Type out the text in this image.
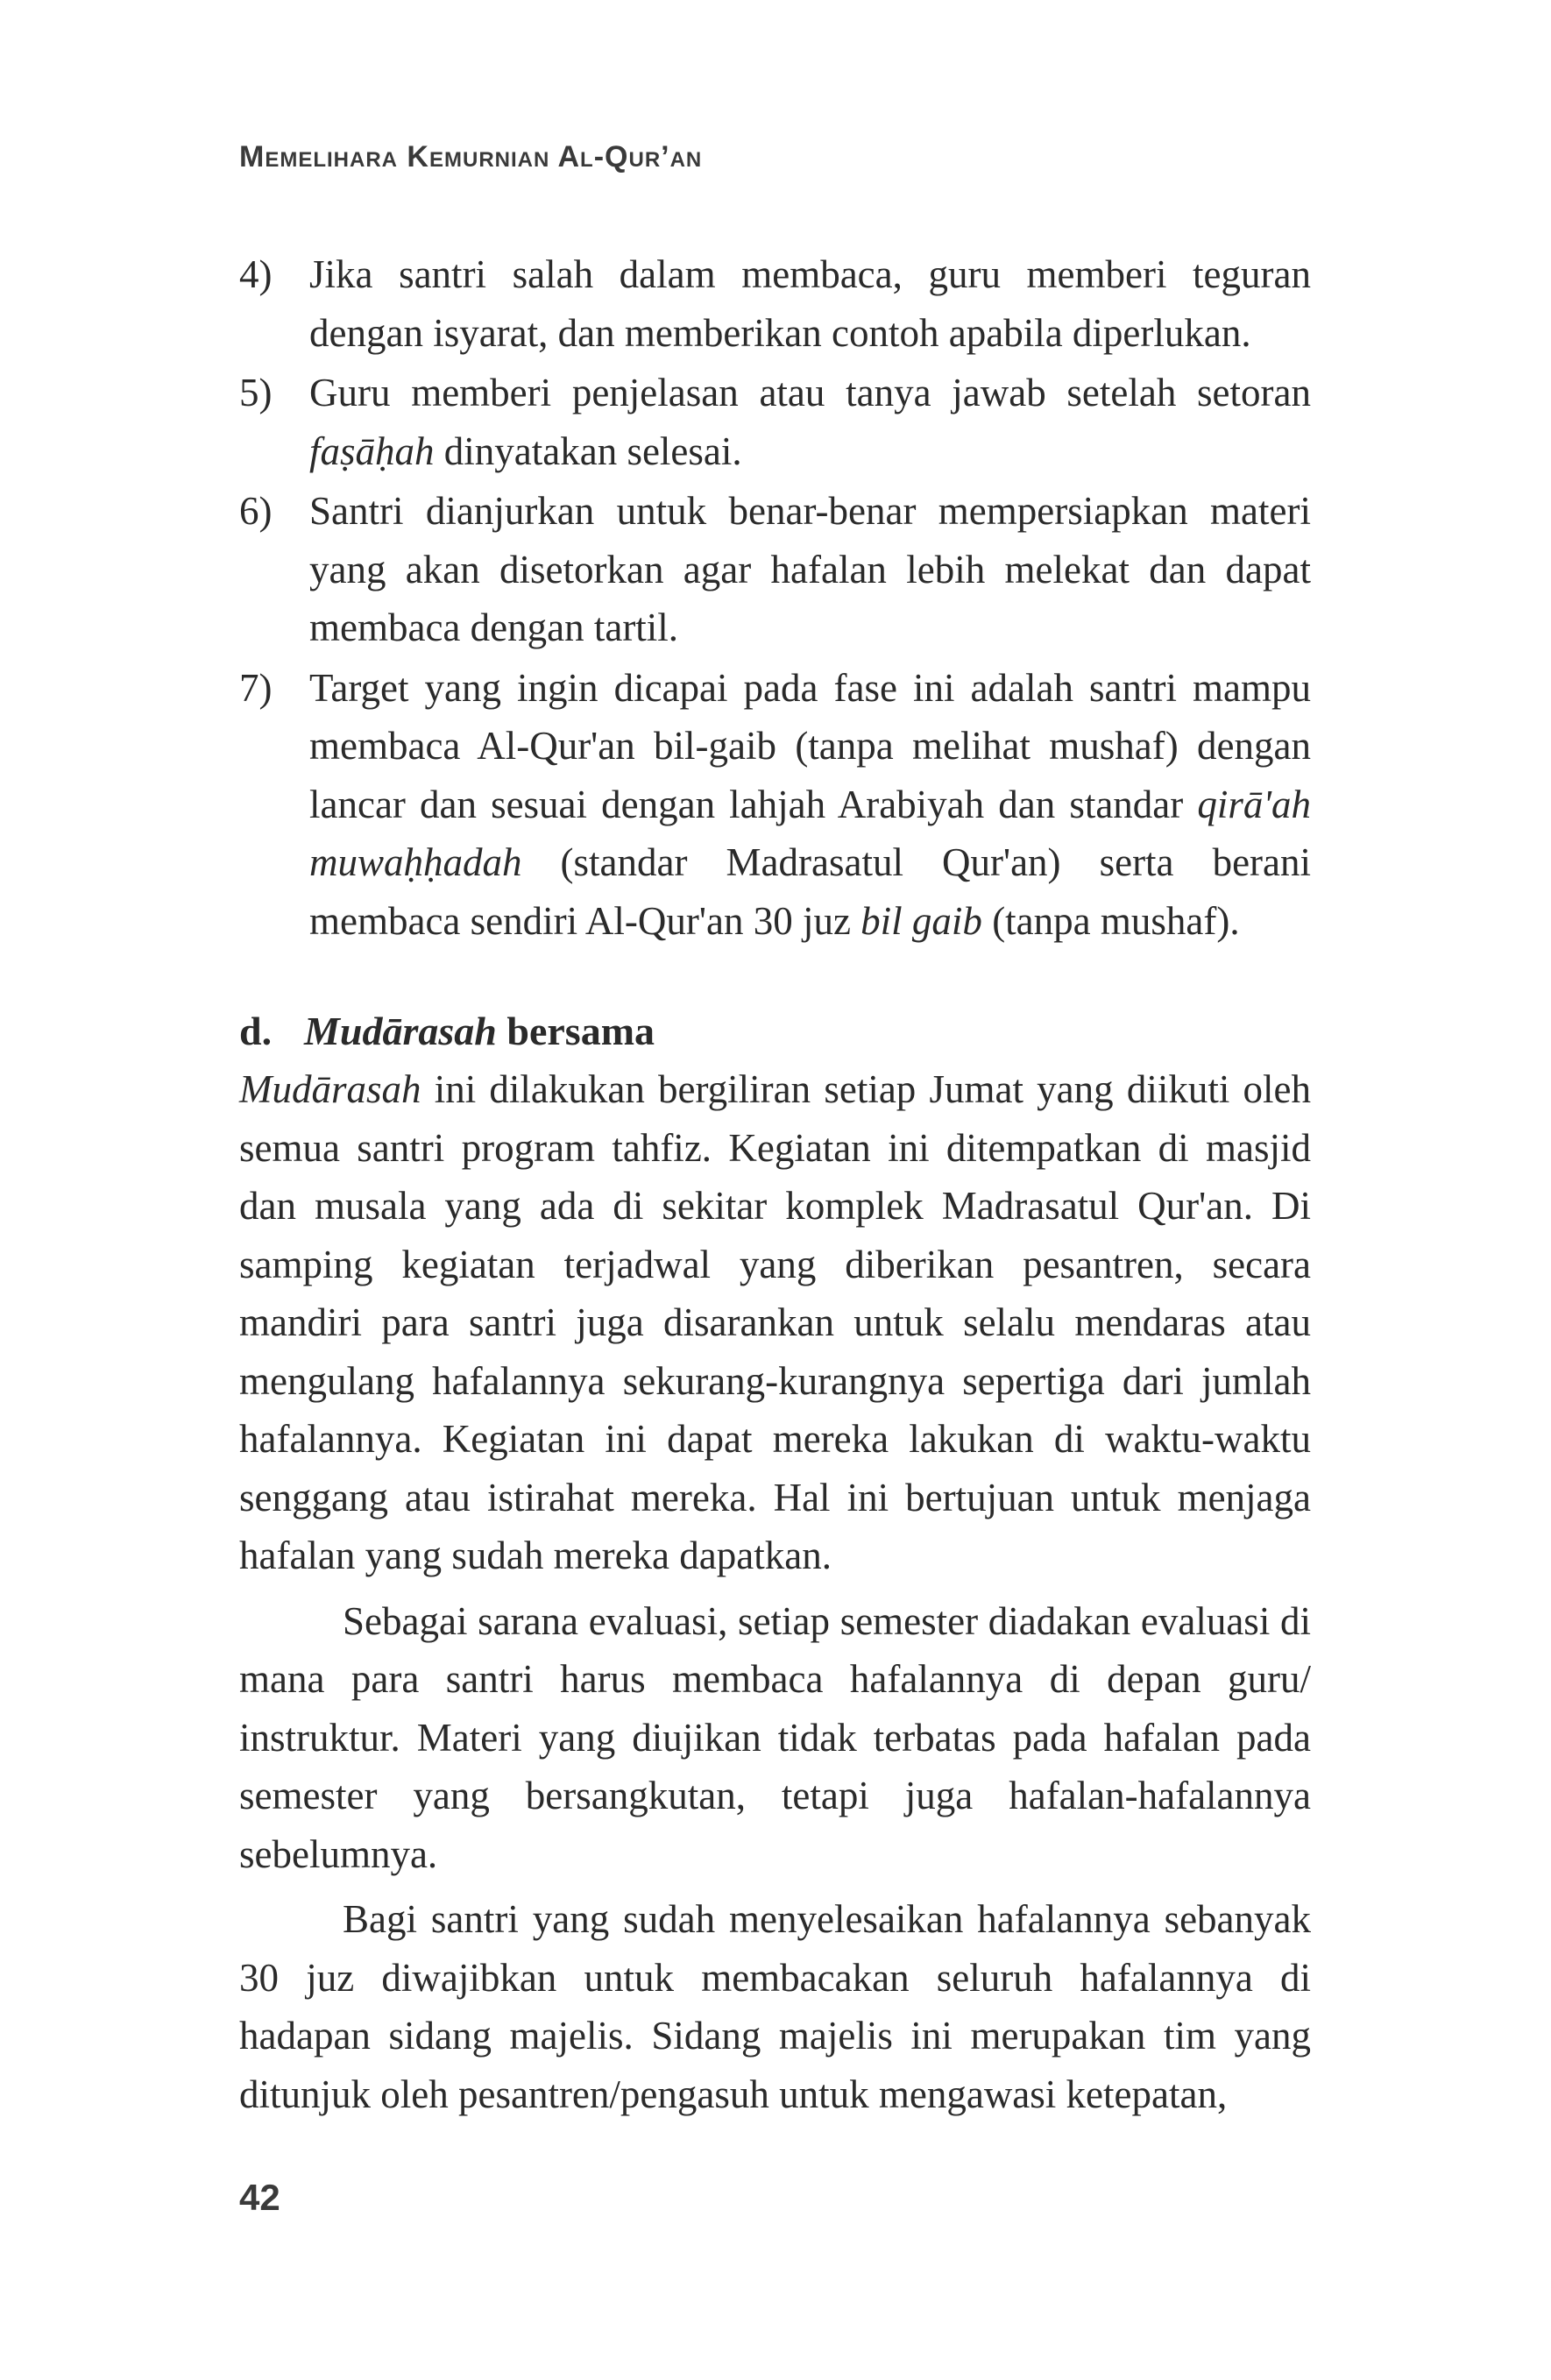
Memelihara Kemurnian Al-Qur’an
4) Jika santri salah dalam membaca, guru memberi teguran dengan isyarat, dan memberikan contoh apabila diperlukan.
5) Guru memberi penjelasan atau tanya jawab setelah setoran faṣāḥah dinyatakan selesai.
6) Santri dianjurkan untuk benar-benar mempersiapkan materi yang akan disetorkan agar hafalan lebih melekat dan dapat membaca dengan tartil.
7) Target yang ingin dicapai pada fase ini adalah santri mampu membaca Al-Qur'an bil-gaib (tanpa melihat mushaf) dengan lancar dan sesuai dengan lahjah Arabiyah dan standar qirā'ah muwaḥḥadah (standar Madrasatul Qur'an) serta berani membaca sendiri Al-Qur'an 30 juz bil gaib (tanpa mushaf).
d. Mudārasah bersama

Mudārasah ini dilakukan bergiliran setiap Jumat yang diikuti oleh semua santri program tahfiz. Kegiatan ini ditempatkan di masjid dan musala yang ada di sekitar komplek Madrasatul Qur'an. Di samping kegiatan terjadwal yang diberikan pesantren, secara mandiri para santri juga disarankan untuk selalu mendaras atau mengulang hafalannya sekurang-kurangnya sepertiga dari jumlah hafalannya. Kegiatan ini dapat mereka lakukan di waktu-waktu senggang atau istirahat mereka. Hal ini bertujuan untuk menjaga hafalan yang sudah mereka dapatkan.

Sebagai sarana evaluasi, setiap semester diadakan evaluasi di mana para santri harus membaca hafalannya di depan guru/ instruktur. Materi yang diujikan tidak terbatas pada hafalan pada semester yang bersangkutan, tetapi juga hafalan-hafalannya sebelumnya.

Bagi santri yang sudah menyelesaikan hafalannya sebanyak 30 juz diwajibkan untuk membacakan seluruh hafalannya di hadapan sidang majelis. Sidang majelis ini merupakan tim yang ditunjuk oleh pesantren/pengasuh untuk mengawasi ketepatan,

42
